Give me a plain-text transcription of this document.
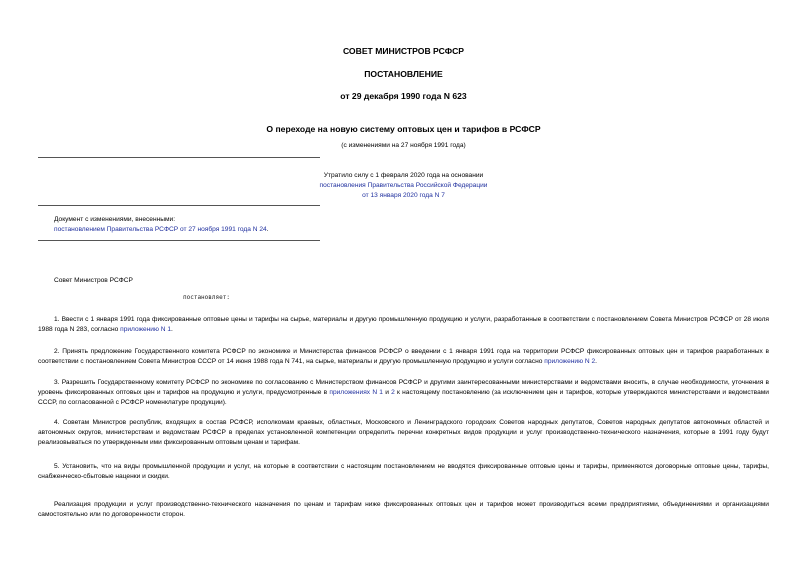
СОВЕТ МИНИСТРОВ РСФСР
ПОСТАНОВЛЕНИЕ
от 29 декабря 1990 года N 623
О переходе на новую систему оптовых цен и тарифов в РСФСР
(с изменениями на 27 ноября 1991 года)
Утратило силу с 1 февраля 2020 года на основании
постановления Правительства Российской Федерации
от 13 января 2020 года N 7
Документ с изменениями, внесенными:
постановлением Правительства РСФСР от 27 ноября 1991 года N 24.
Совет Министров РСФСР
постановляет:
1. Ввести с 1 января 1991 года фиксированные оптовые цены и тарифы на сырье, материалы и другую промышленную продукцию и услуги, разработанные в соответствии с постановлением Совета Министров РСФСР от 28 июля 1988 года N 283, согласно приложению N 1.
2. Принять предложение Государственного комитета РСФСР по экономике и Министерства финансов РСФСР о введении с 1 января 1991 года на территории РСФСР фиксированных оптовых цен и тарифов разработанных в соответствии с постановлением Совета Министров СССР от 14 июня 1988 года N 741, на сырье, материалы и другую промышленную продукцию и услуги согласно приложению N 2.
3. Разрешить Государственному комитету РСФСР по экономике по согласованию с Министерством финансов РСФСР и другими заинтересованными министерствами и ведомствами вносить, в случае необходимости, уточнения в уровень фиксированных оптовых цен и тарифов на продукцию и услуги, предусмотренные в приложениях N 1 и 2 к настоящему постановлению (за исключением цен и тарифов, которые утверждаются министерствами и ведомствами СССР, по согласованной с РСФСР номенклатуре продукции).
4. Советам Министров республик, входящих в состав РСФСР, исполкомам краевых, областных, Московского и Ленинградского городских Советов народных депутатов, Советов народных депутатов автономных областей и автономных округов, министерствам и ведомствам РСФСР в пределах установленной компетенции определить перечни конкретных видов продукции и услуг производственно-технического назначения, которые в 1991 году будут реализовываться по утвержденным ими фиксированным оптовым ценам и тарифам.
5. Установить, что на виды промышленной продукции и услуг, на которые в соответствии с настоящим постановлением не вводятся фиксированные оптовые цены и тарифы, применяются договорные оптовые цены, тарифы, снабженческо-сбытовые наценки и скидки.
Реализация продукции и услуг производственно-технического назначения по ценам и тарифам ниже фиксированных оптовых цен и тарифов может производиться всеми предприятиями, объединениями и организациями самостоятельно или по договоренности сторон.
